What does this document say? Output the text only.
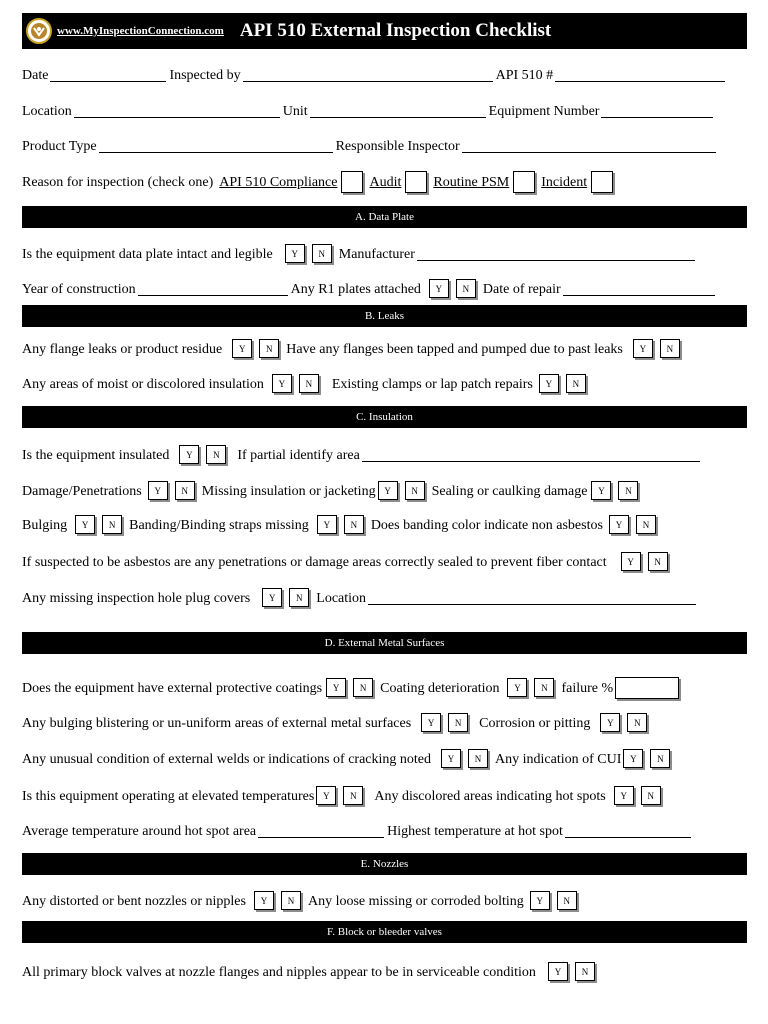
www.MyInspectionConnection.com API 510 External Inspection Checklist
Date	Inspected by	API 510 #
Location	Unit	Equipment Number
Product Type	Responsible Inspector
Reason for inspection (check one) API 510 Compliance Audit Routine PSM Incident
A. Data Plate
Is the equipment data plate intact and legible	Y	N Manufacturer
Year of construction	Any R1 plates attached	Y	N Date of repair
B. Leaks
Any flange leaks or product residue	Y	N Have any flanges been tapped and pumped due to past leaks	Y	N
Any areas of moist or discolored insulation	Y	N	Existing clamps or lap patch repairs	Y	N
C. Insulation
Is the equipment insulated	Y	N	If partial identify area
Damage/Penetrations	Y	N Missing insulation or jacketing Y	N Sealing or caulking damage	Y	N
Bulging	Y	N Banding/Binding straps missing	Y	N Does banding color indicate non asbestos	Y	N
If suspected to be asbestos are any penetrations or damage areas correctly sealed to prevent fiber contact	Y	N
Any missing inspection hole plug covers	Y	N Location
D. External Metal Surfaces
Does the equipment have external protective coatings	Y	N Coating deterioration	Y	N failure %
Any bulging blistering or un-uniform areas of external metal surfaces	Y	N	Corrosion or pitting	Y	N
Any unusual condition of external welds or indications of cracking noted	Y	N Any indication of CUI Y	N
Is this equipment operating at elevated temperatures Y	N	Any discolored areas indicating hot spots	Y	N
Average temperature around hot spot area	Highest temperature at hot spot
E. Nozzles
Any distorted or bent nozzles or nipples	Y	N Any loose missing or corroded bolting	Y	N
F. Block or bleeder valves
All primary block valves at nozzle flanges and nipples appear to be in serviceable condition	Y	N
